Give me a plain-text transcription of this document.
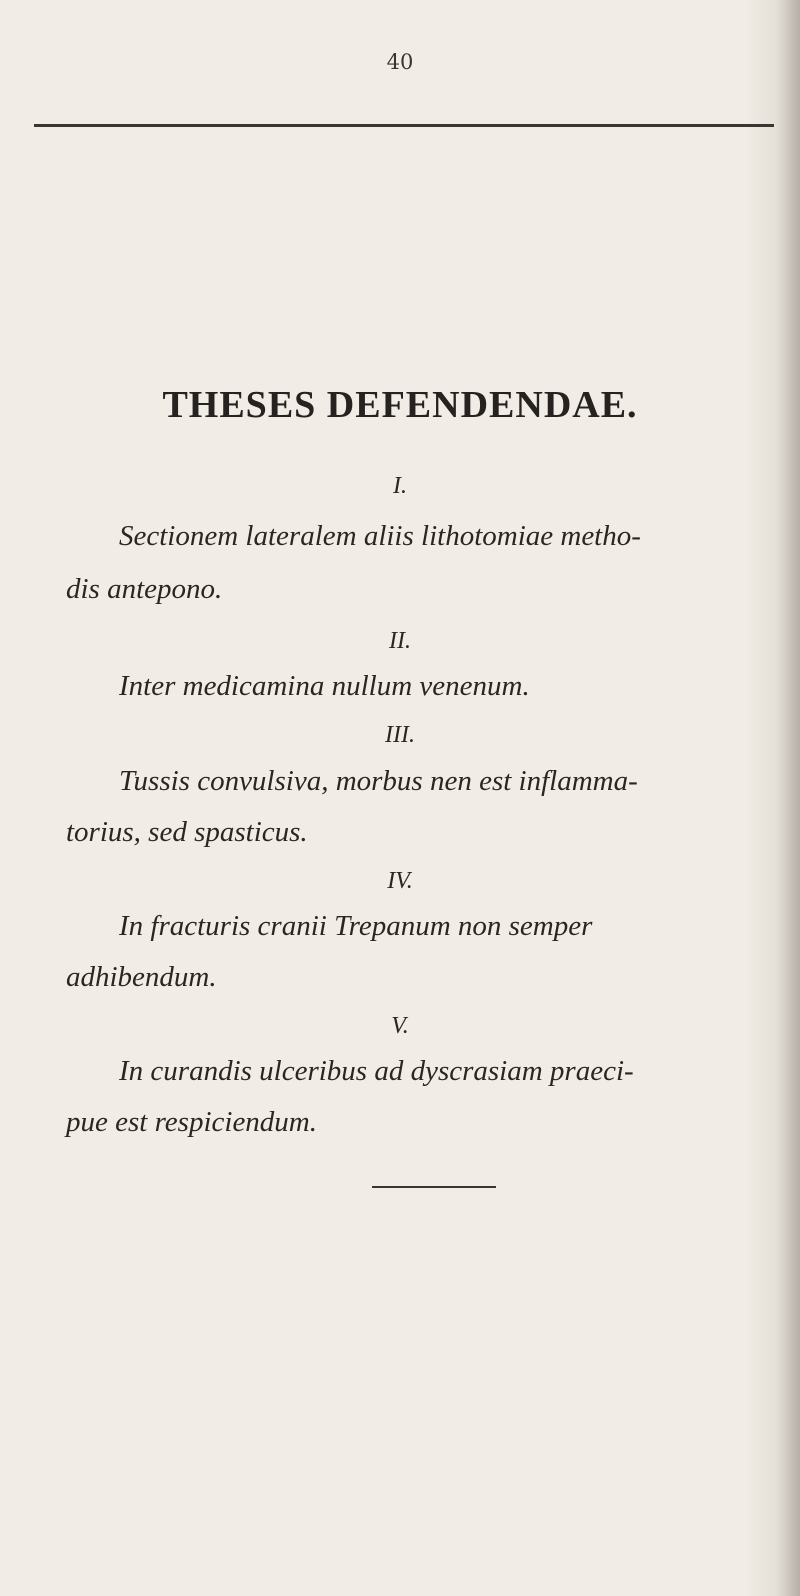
40
THESES DEFENDENDAE.
I.
Sectionem lateralem aliis lithotomiae metho-
dis antepono.
II.
Inter medicamina nullum venenum.
III.
Tussis convulsiva, morbus nen est inflamma-
torius, sed spasticus.
IV.
In fracturis cranii Trepanum non semper
adhibendum.
V.
In curandis ulceribus ad dyscrasiam praeci-
pue est respiciendum.
